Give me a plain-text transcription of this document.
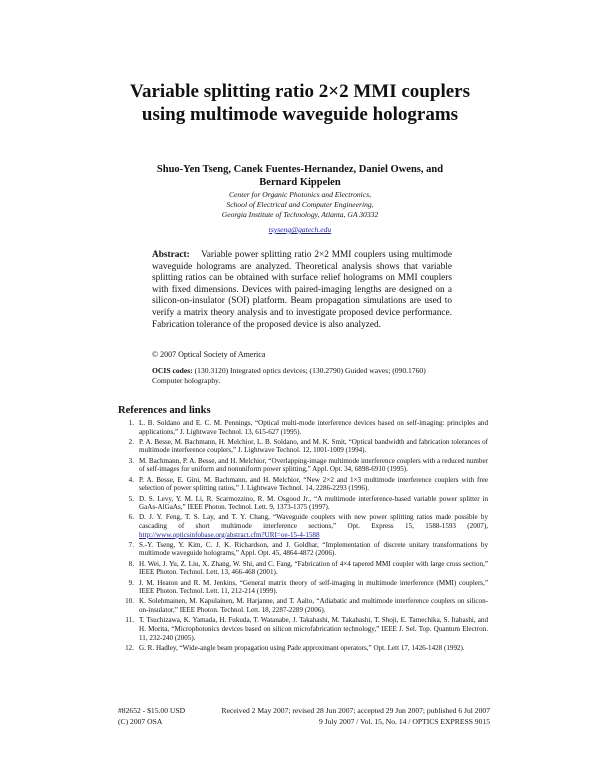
Variable splitting ratio 2×2 MMI couplers using multimode waveguide holograms
Shuo-Yen Tseng, Canek Fuentes-Hernandez, Daniel Owens, and Bernard Kippelen
Center for Organic Photonics and Electronics,
School of Electrical and Computer Engineering,
Georgia Institute of Technology, Atlanta, GA 30332
tsyseng@gatech.edu
Abstract: Variable power splitting ratio 2×2 MMI couplers using multimode waveguide holograms are analyzed. Theoretical analysis shows that variable splitting ratios can be obtained with surface relief holograms on MMI couplers with fixed dimensions. Devices with paired-imaging lengths are designed on a silicon-on-insulator (SOI) platform. Beam propagation simulations are used to verify a matrix theory analysis and to investigate proposed device performance. Fabrication tolerance of the proposed device is also analyzed.
© 2007 Optical Society of America
OCIS codes: (130.3120) Integrated optics devices; (130.2790) Guided waves; (090.1760) Computer holography.
References and links
1. L. B. Soldano and E. C. M. Pennings, “Optical multi-mode interference devices based on self-imaging: principles and applications,” J. Lightwave Technol. 13, 615-627 (1995).
2. P. A. Besse, M. Bachmann, H. Melchior, L. B. Soldano, and M. K. Smit, “Optical bandwidth and fabrication tolerances of multimode interference couplers,” J. Lightwave Technol. 12, 1001-1009 (1994).
3. M. Bachmann, P. A. Besse, and H. Melchior, “Overlapping-image multimode interference couplers with a reduced number of self-images for uniform and nonuniform power splitting,” Appl. Opt. 34, 6898-6910 (1995).
4. P. A. Besse, E. Gini, M. Bachmann, and H. Melchior, “New 2×2 and 1×3 multimode interference couplers with free selection of power splitting ratios,” J. Lightwave Technol. 14, 2286-2293 (1996).
5. D. S. Levy, Y. M. Li, R. Scarmozzino, R. M. Osgood Jr., “A multimode interference-based variable power splitter in GaAs-AlGaAs,” IEEE Photon. Technol. Lett. 9, 1373-1375 (1997).
6. D. J. Y. Feng, T. S. Lay, and T. Y. Chang, “Waveguide couplers with new power splitting ratios made possible by cascading of short multimode interference sections,” Opt. Express 15, 1588-1593 (2007), http://www.opticsinfobase.org/abstract.cfm?URI=oe-15-4-1588
7. S.-Y. Tseng, Y. Kim, C. J. K. Richardson, and J. Goldhar, “Implementation of discrete unitary transformations by multimode waveguide holograms,” Appl. Opt. 45, 4864-4872 (2006).
8. H. Wei, J. Yu, Z. Liu, X. Zhang, W. Shi, and C. Fang, “Fabrication of 4×4 tapered MMI coupler with large cross section,” IEEE Photon. Technol. Lett. 13, 466-468 (2001).
9. J. M. Heaton and R. M. Jenkins, “General matrix theory of self-imaging in multimode interference (MMI) couplers,” IEEE Photon. Technol. Lett. 11, 212-214 (1999).
10. K. Solehmainen, M. Kapulainen, M. Harjanne, and T. Aalto, “Adiabatic and multimode interference couplers on silicon-on-insulator,” IEEE Photon. Technol. Lett. 18, 2287-2289 (2006).
11. T. Tsuchizawa, K. Yamada, H. Fukuda, T. Watanabe, J. Takahashi, M. Takahashi, T. Shoji, E. Tamechika, S. Itabashi, and H. Morita, “Microphotonics devices based on silicon microfabrication technology,” IEEE J. Sel. Top. Quantum Electron. 11, 232-240 (2005).
12. G. R. Hadley, “Wide-angle beam propagation using Pade approximant operators,” Opt. Lett 17, 1426-1428 (1992).
#82652 - $15.00 USD	Received 2 May 2007; revised 28 Jun 2007; accepted 29 Jun 2007; published 6 Jul 2007
(C) 2007 OSA	9 July 2007 / Vol. 15, No. 14 / OPTICS EXPRESS 9015
